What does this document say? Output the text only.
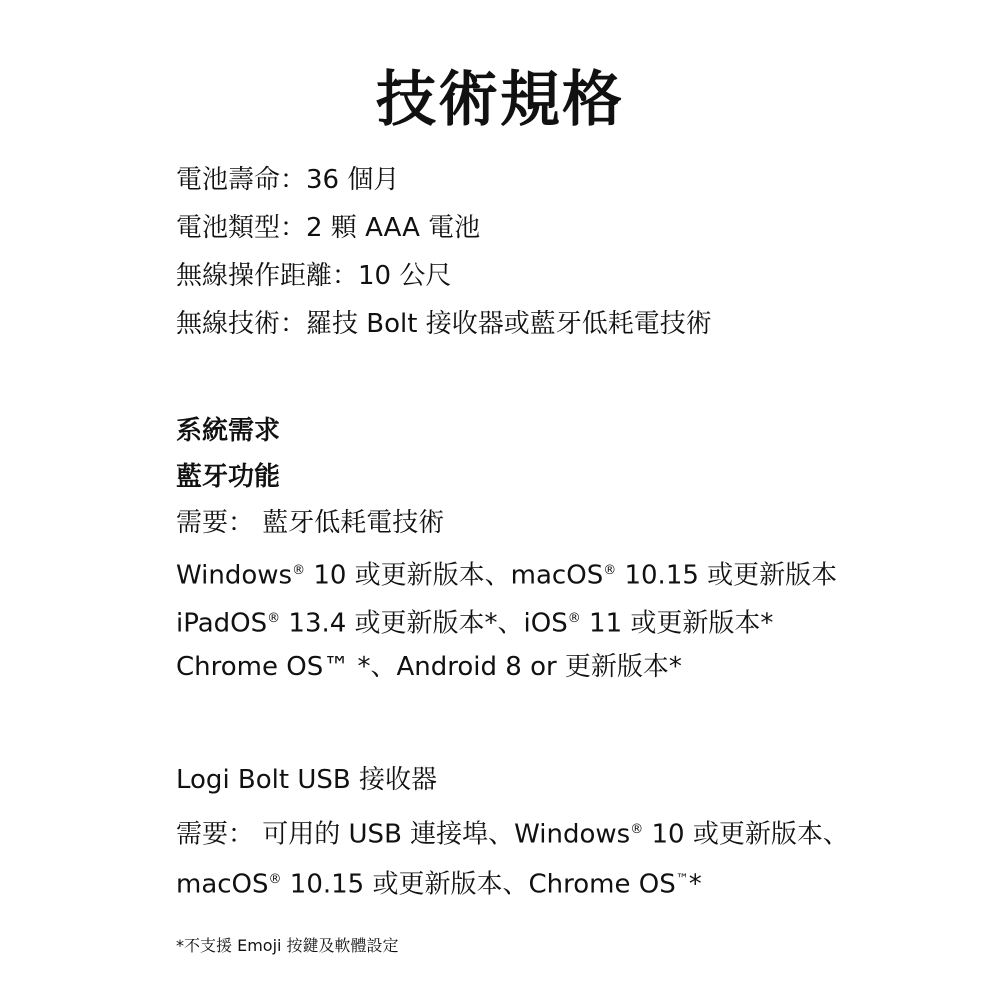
技術規格
電池壽命：36 個月
電池類型：2 顆 AAA 電池
無線操作距離：10 公尺
無線技術：羅技 Bolt 接收器或藍牙低耗電技術
系統需求
藍牙功能
需要： 藍牙低耗電技術
Windows® 10 或更新版本、macOS® 10.15 或更新版本
iPadOS® 13.4 或更新版本*、iOS® 11 或更新版本*
Chrome OS™ *、Android 8 or 更新版本*
Logi Bolt USB 接收器
需要： 可用的 USB 連接埠、Windows® 10 或更新版本、
macOS® 10.15 或更新版本、Chrome OS™*
*不支援 Emoji 按鍵及軟體設定
